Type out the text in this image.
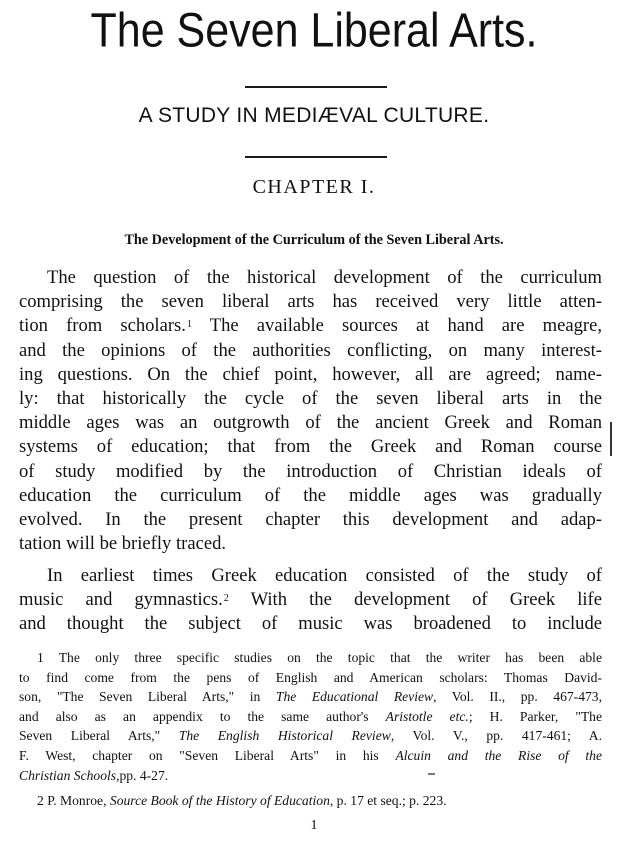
The Seven Liberal Arts.
A STUDY IN MEDIÆVAL CULTURE.
CHAPTER I.
The Development of the Curriculum of the Seven Liberal Arts.
The question of the historical development of the curriculum
comprising the seven liberal arts has received very little atten-
tion from scholars.$^1$ The available sources at hand are meagre,
and the opinions of the authorities conflicting, on many interest-
ing questions. On the chief point, however, all are agreed; name-
ly: that historically the cycle of the seven liberal arts in the
middle ages was an outgrowth of the ancient Greek and Roman
systems of education; that from the Greek and Roman course
of study modified by the introduction of Christian ideals of
education the curriculum of the middle ages was gradually
evolved. In the present chapter this development and adap-
tation will be briefly traced.
In earliest times Greek education consisted of the study of
music and gymnastics.$^2$ With the development of Greek life
and thought the subject of music was broadened to include
1 The only three specific studies on the topic that the writer has been able
to find come from the pens of English and American scholars: Thomas David-
son, "The Seven Liberal Arts," in The Educational Review, Vol. II., pp. 467-473,
and also as an appendix to the same author's Aristotle etc.; H. Parker, "The
Seven Liberal Arts," The English Historical Review, Vol. V., pp. 417-461; A.
F. West, chapter on "Seven Liberal Arts" in his Alcuin and the Rise of the
Christian Schools,pp. 4-27.
2 P. Monroe, Source Book of the History of Education, p. 17 et seq.; p. 223.
1
